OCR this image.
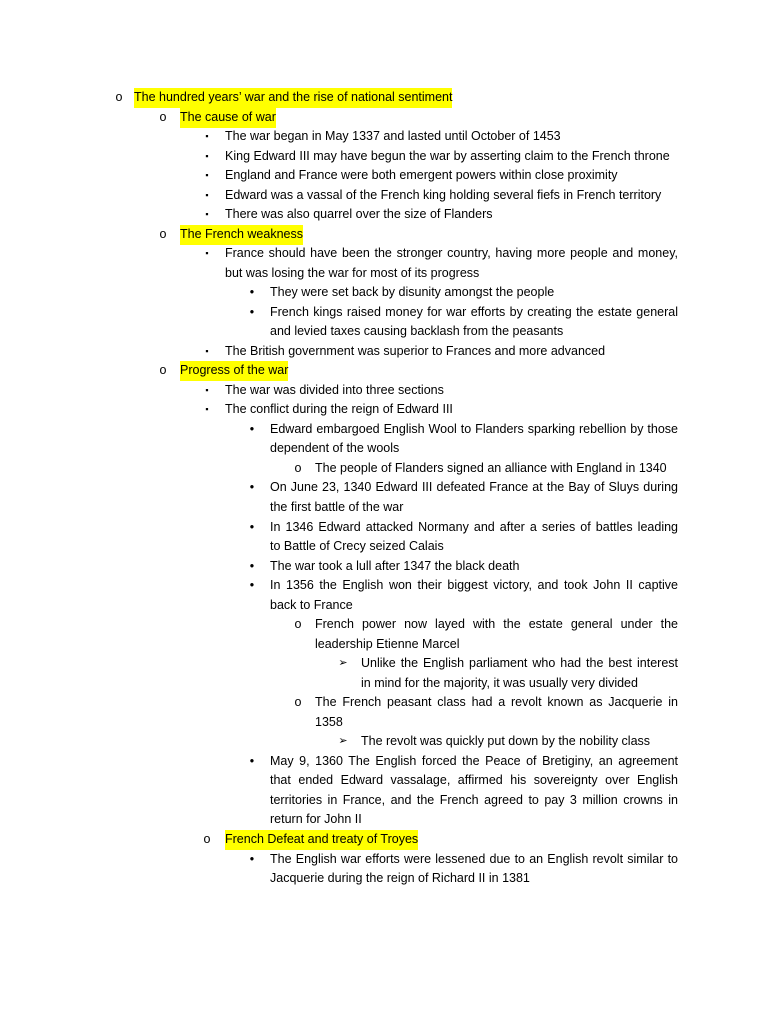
o The hundred years’ war and the rise of national sentiment
o The cause of war
▪	The war began in May 1337 and lasted until October of 1453
▪	King Edward III may have begun the war by asserting claim to the French throne
▪	England and France were both emergent powers within close proximity
▪	Edward was a vassal of the French king holding several fiefs in French territory
▪	There was also quarrel over the size of Flanders
o The French weakness
▪	France should have been the stronger country, having more people and money,
but was losing the war for most of its progress
•	They were set back by disunity amongst the people
•	French kings raised money for war efforts by creating the estate general
and levied taxes causing backlash from the peasants
▪	The British government was superior to Frances and more advanced
o Progress of the war
▪	The war was divided into three sections
▪	The conflict during the reign of Edward III
•	Edward embargoed English Wool to Flanders sparking rebellion by those
dependent of the wools
o The people of Flanders signed an alliance with England in 1340
•	On June 23, 1340 Edward III defeated France at the Bay of Sluys during
the first battle of the war
•	In 1346 Edward attacked Normany and after a series of battles leading
to Battle of Crecy seized Calais
•	The war took a lull after 1347 the black death
•	In 1356 the English won their biggest victory, and took John II captive
back to France
o French power now layed with the estate general under the
leadership Etienne Marcel
➢ Unlike the English parliament who had the best interest
in mind for the majority, it was usually very divided
o The French peasant class had a revolt known as Jacquerie in
1358
➢ The revolt was quickly put down by the nobility class
•	May 9, 1360 The English forced the Peace of Bretiginy, an agreement
that ended Edward vassalage, affirmed his sovereignty over English
territories in France, and the French agreed to pay 3 million crowns in
return for John II
o French Defeat and treaty of Troyes
•	The English war efforts were lessened due to an English revolt similar to
Jacquerie during the reign of Richard II in 1381
